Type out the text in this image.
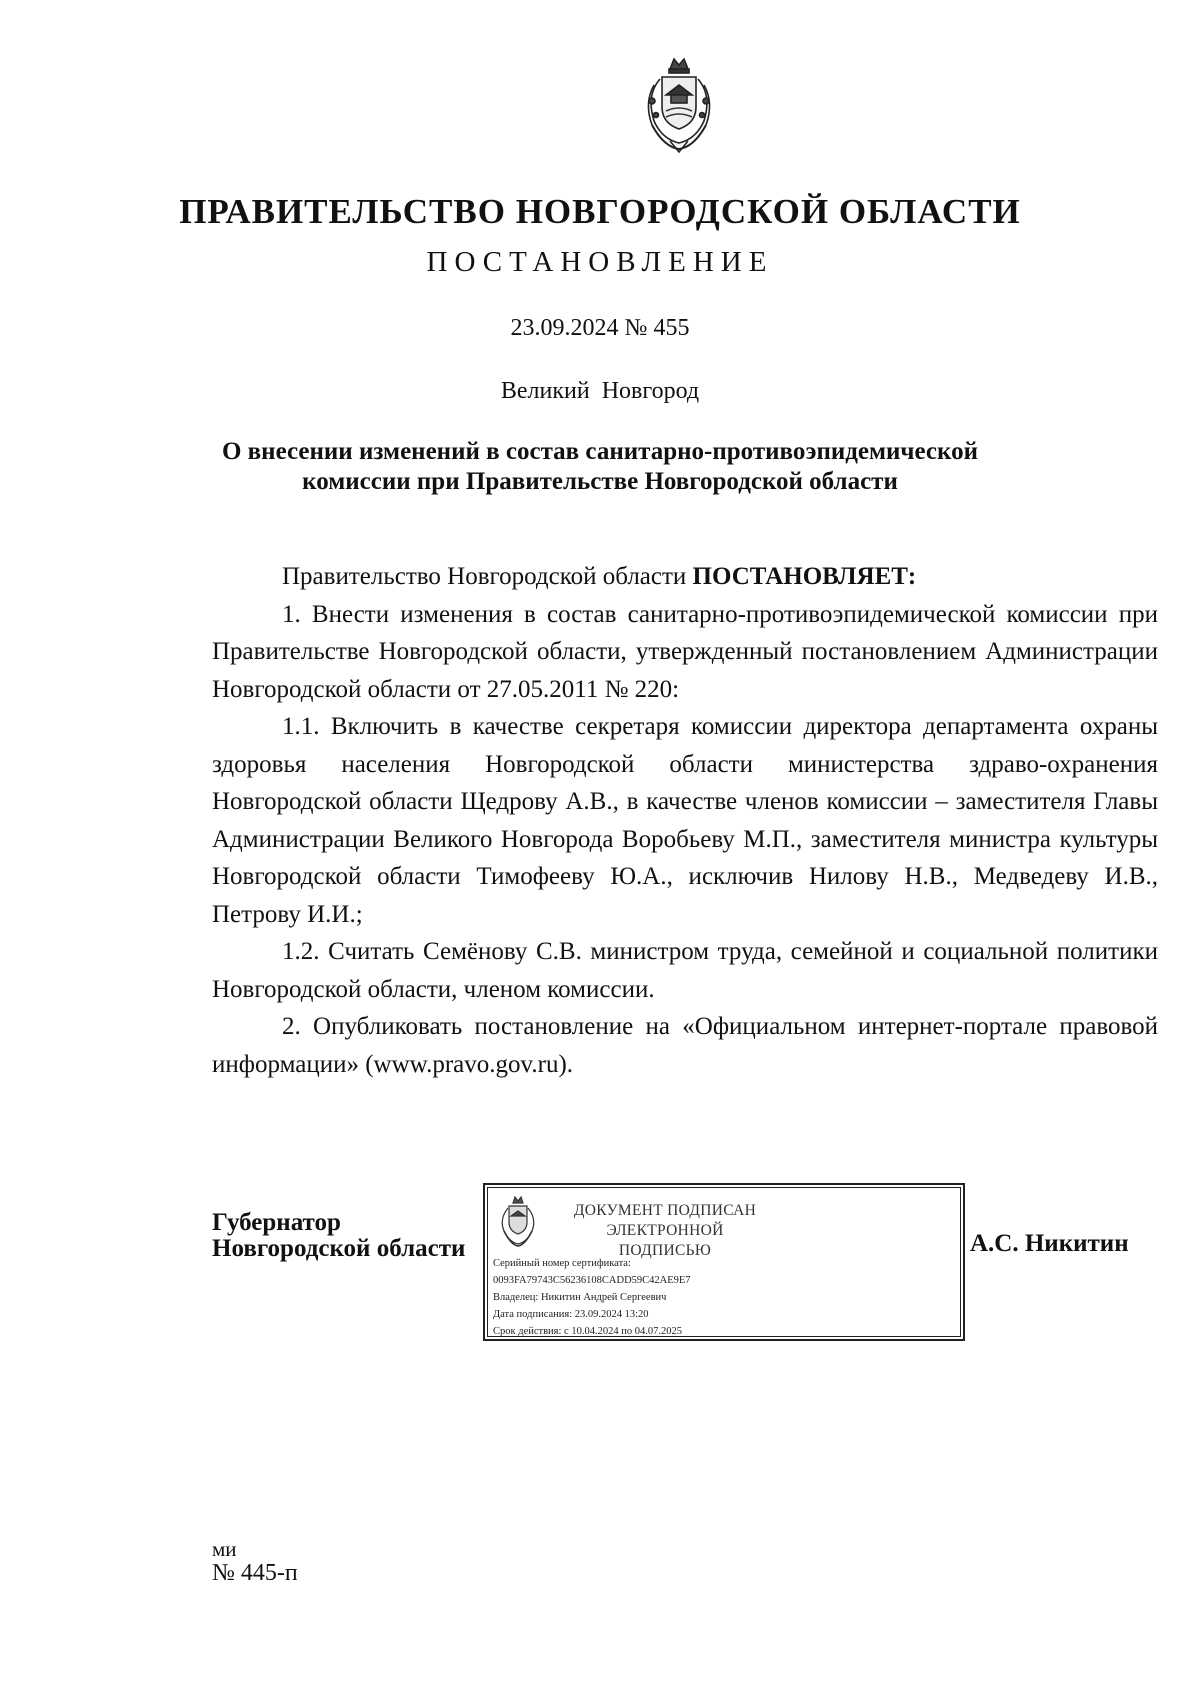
ПРАВИТЕЛЬСТВО НОВГОРОДСКОЙ ОБЛАСТИ
ПОСТАНОВЛЕНИЕ
23.09.2024 № 455
Великий Новгород
О внесении изменений в состав санитарно-противоэпидемической
комиссии при Правительстве Новгородской области

Правительство Новгородской области ПОСТАНОВЛЯЕТ:

1. Внести изменения в состав санитарно-противоэпидемической комиссии при Правительстве Новгородской области, утвержденный постановлением Администрации Новгородской области от 27.05.2011 № 220:

1.1. Включить в качестве секретаря комиссии директора департамента охраны здоровья населения Новгородской области министерства здраво-охранения Новгородской области Щедрову А.В., в качестве членов комиссии – заместителя Главы Администрации Великого Новгорода Воробьеву М.П., заместителя министра культуры Новгородской области Тимофееву Ю.А., исключив Нилову Н.В., Медведеву И.В., Петрову И.И.;

1.2. Считать Семёнову С.В. министром труда, семейной и социальной политики Новгородской области, членом комиссии.

2. Опубликовать постановление на «Официальном интернет-портале правовой информации» (www.pravo.gov.ru).

Губернатор
Новгородской области
ДОКУМЕНТ ПОДПИСАН
ЭЛЕКТРОННОЙ ПОДПИСЬЮ
Серийный номер сертификата:
0093FA79743C56236108CADD59C42AE9E7
Владелец: Никитин Андрей Сергеевич
Дата подписания: 23.09.2024 13:20
Срок действия: с 10.04.2024 по 04.07.2025
А.С. Никитин
ми
№ 445-п
